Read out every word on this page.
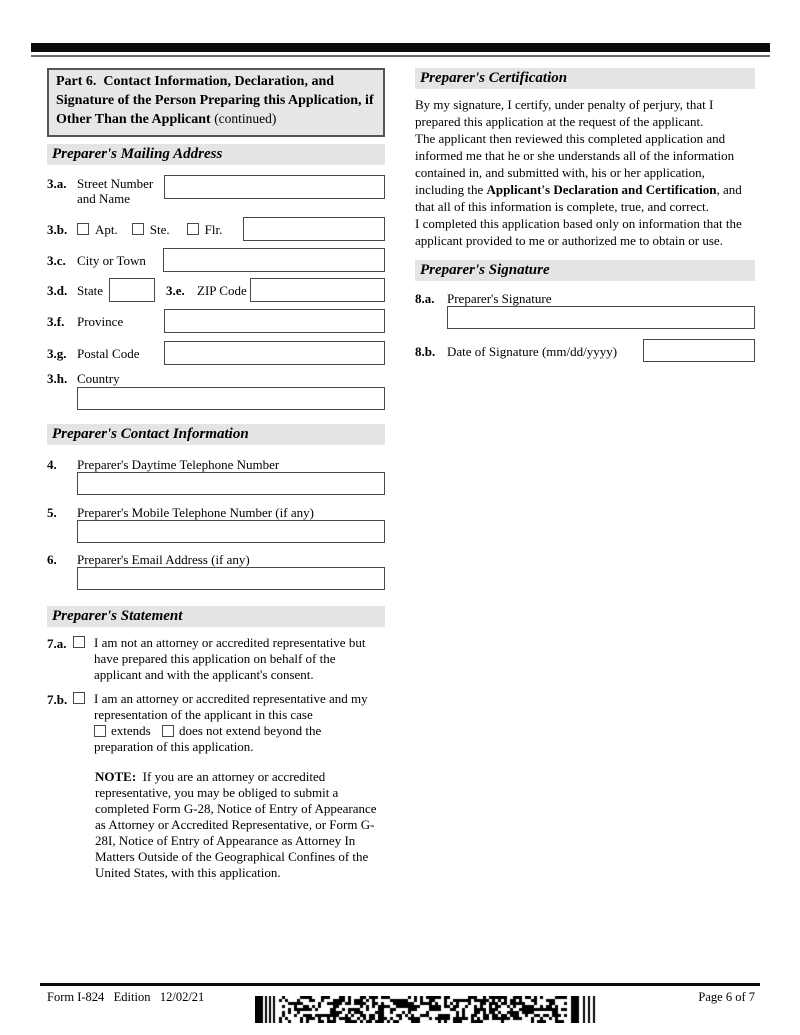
Part 6.  Contact Information, Declaration, and Signature of the Person Preparing this Application, if Other Than the Applicant (continued)
Preparer's Mailing Address
3.a. Street Number and Name
3.b.	Apt. Ste.	Flr.
3.c. City or Town
3.d. State	3.e. ZIP Code
3.f. Province
3.g. Postal Code
3.h. Country
Preparer's Contact Information
4.	Preparer's Daytime Telephone Number
5.	Preparer's Mobile Telephone Number (if any)
6.	Preparer's Email Address (if any)
Preparer's Statement
7.a.	I am not an attorney or accredited representative but have prepared this application on behalf of the applicant and with the applicant's consent.
7.b.	I am an attorney or accredited representative and my representation of the applicant in this case
extends does not extend beyond the preparation of this application.
NOTE:  If you are an attorney or accredited representative, you may be obliged to submit a completed Form G-28, Notice of Entry of Appearance as Attorney or Accredited Representative, or Form G-28I, Notice of Entry of Appearance as Attorney In Matters Outside of the Geographical Confines of the United States, with this application.
Preparer's Certification
By my signature, I certify, under penalty of perjury, that I prepared this application at the request of the applicant.
The applicant then reviewed this completed application and informed me that he or she understands all of the information contained in, and submitted with, his or her application, including the Applicant's Declaration and Certification, and that all of this information is complete, true, and correct.
I completed this application based only on information that the applicant provided to me or authorized me to obtain or use.
Preparer's Signature
8.a. Preparer's Signature
8.b. Date of Signature (mm/dd/yyyy)
Form I-824   Edition   12/02/21	Page 6 of 7
